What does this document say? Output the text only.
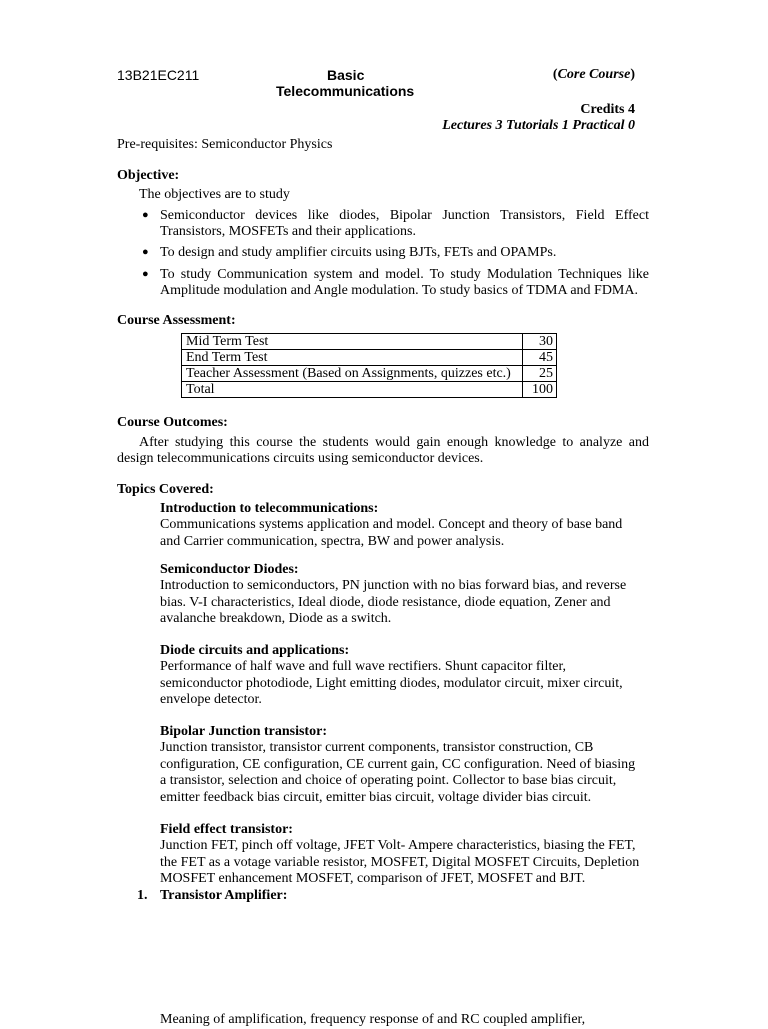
13B21EC211	Basic
Telecommunications
(Core Course)
Credits 4
Lectures 3 Tutorials 1 Practical 0
Pre-requisites: Semiconductor Physics
Objective:
The objectives are to study
● Semiconductor devices like diodes, Bipolar Junction Transistors, Field Effect
Transistors, MOSFETs and their applications.
● To design and study amplifier circuits using BJTs, FETs and OPAMPs.
● To study Communication system and model. To study Modulation Techniques like
Amplitude modulation and Angle modulation. To study basics of TDMA and FDMA.
Course Assessment:
Mid Term Test	30
End Term Test	45
Teacher Assessment (Based on Assignments, quizzes etc.)	25
Total	100
Course Outcomes:
After studying this course the students would gain enough knowledge to analyze and
design telecommunications circuits using semiconductor devices.
Topics Covered:
Introduction to telecommunications:
Communications systems application and model. Concept and theory of base band
and Carrier communication, spectra, BW and power analysis.
Semiconductor Diodes:
Introduction to semiconductors, PN junction with no bias forward bias, and reverse
bias. V-I characteristics, Ideal diode, diode resistance, diode equation, Zener and
avalanche breakdown, Diode as a switch.
Diode circuits and applications:
Performance of half wave and full wave rectifiers. Shunt capacitor filter,
semiconductor photodiode, Light emitting diodes, modulator circuit, mixer circuit,
envelope detector.
Bipolar Junction transistor:
Junction transistor, transistor current components, transistor construction, CB
configuration, CE configuration, CE current gain, CC configuration. Need of biasing
a transistor, selection and choice of operating point. Collector to base bias circuit,
emitter feedback bias circuit, emitter bias circuit, voltage divider bias circuit.
Field effect transistor:
Junction FET, pinch off voltage, JFET Volt- Ampere characteristics, biasing the FET,
the FET as a votage variable resistor, MOSFET, Digital MOSFET Circuits, Depletion
MOSFET enhancement MOSFET, comparison of JFET, MOSFET and BJT.
1. Transistor Amplifier:
Meaning of amplification, frequency response of and RC coupled amplifier,
